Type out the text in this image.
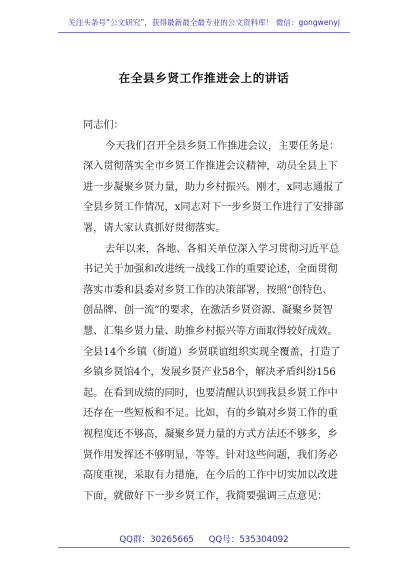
关注头条号“公文研究”，获得最新最全最专业的公文资料库！ 微信：gongwenyj
在全县乡贤工作推进会上的讲话
同志们：
今天我们召开全县乡贤工作推进会议，主要任务是：
深入贯彻落实全市乡贤工作推进会议精神，动员全县上下
进一步凝聚乡贤力量，助力乡村振兴。刚才，x同志通报了
全县乡贤工作情况，x同志对下一步乡贤工作进行了安排部
署，请大家认真抓好贯彻落实。
去年以来，各地、各相关单位深入学习贯彻习近平总
书记关于加强和改进统一战线工作的重要论述，全面贯彻
落实市委和县委对乡贤工作的决策部署，按照“创特色、
创品牌、创一流”的要求，在激活乡贤资源、凝聚乡贤智
慧、汇集乡贤力量、助推乡村振兴等方面取得较好成效。
全县14个乡镇（街道）乡贤联谊组织实现全覆盖，打造了
乡镇乡贤馆4个，发展乡贤产业58个，解决矛盾纠纷156
起。在看到成绩的同时，也要清醒认识到我县乡贤工作中
还存在一些短板和不足。比如，有的乡镇对乡贤工作的重
视程度还不够高，凝聚乡贤力量的方式方法还不够多，乡
贤作用发挥还不够明显，等等。针对这些问题，我们务必
高度重视，采取有力措施，在今后的工作中切实加以改进
下面，就做好下一步乡贤工作，我简要强调三点意见：
QQ群：30265665 QQ号：535304092
